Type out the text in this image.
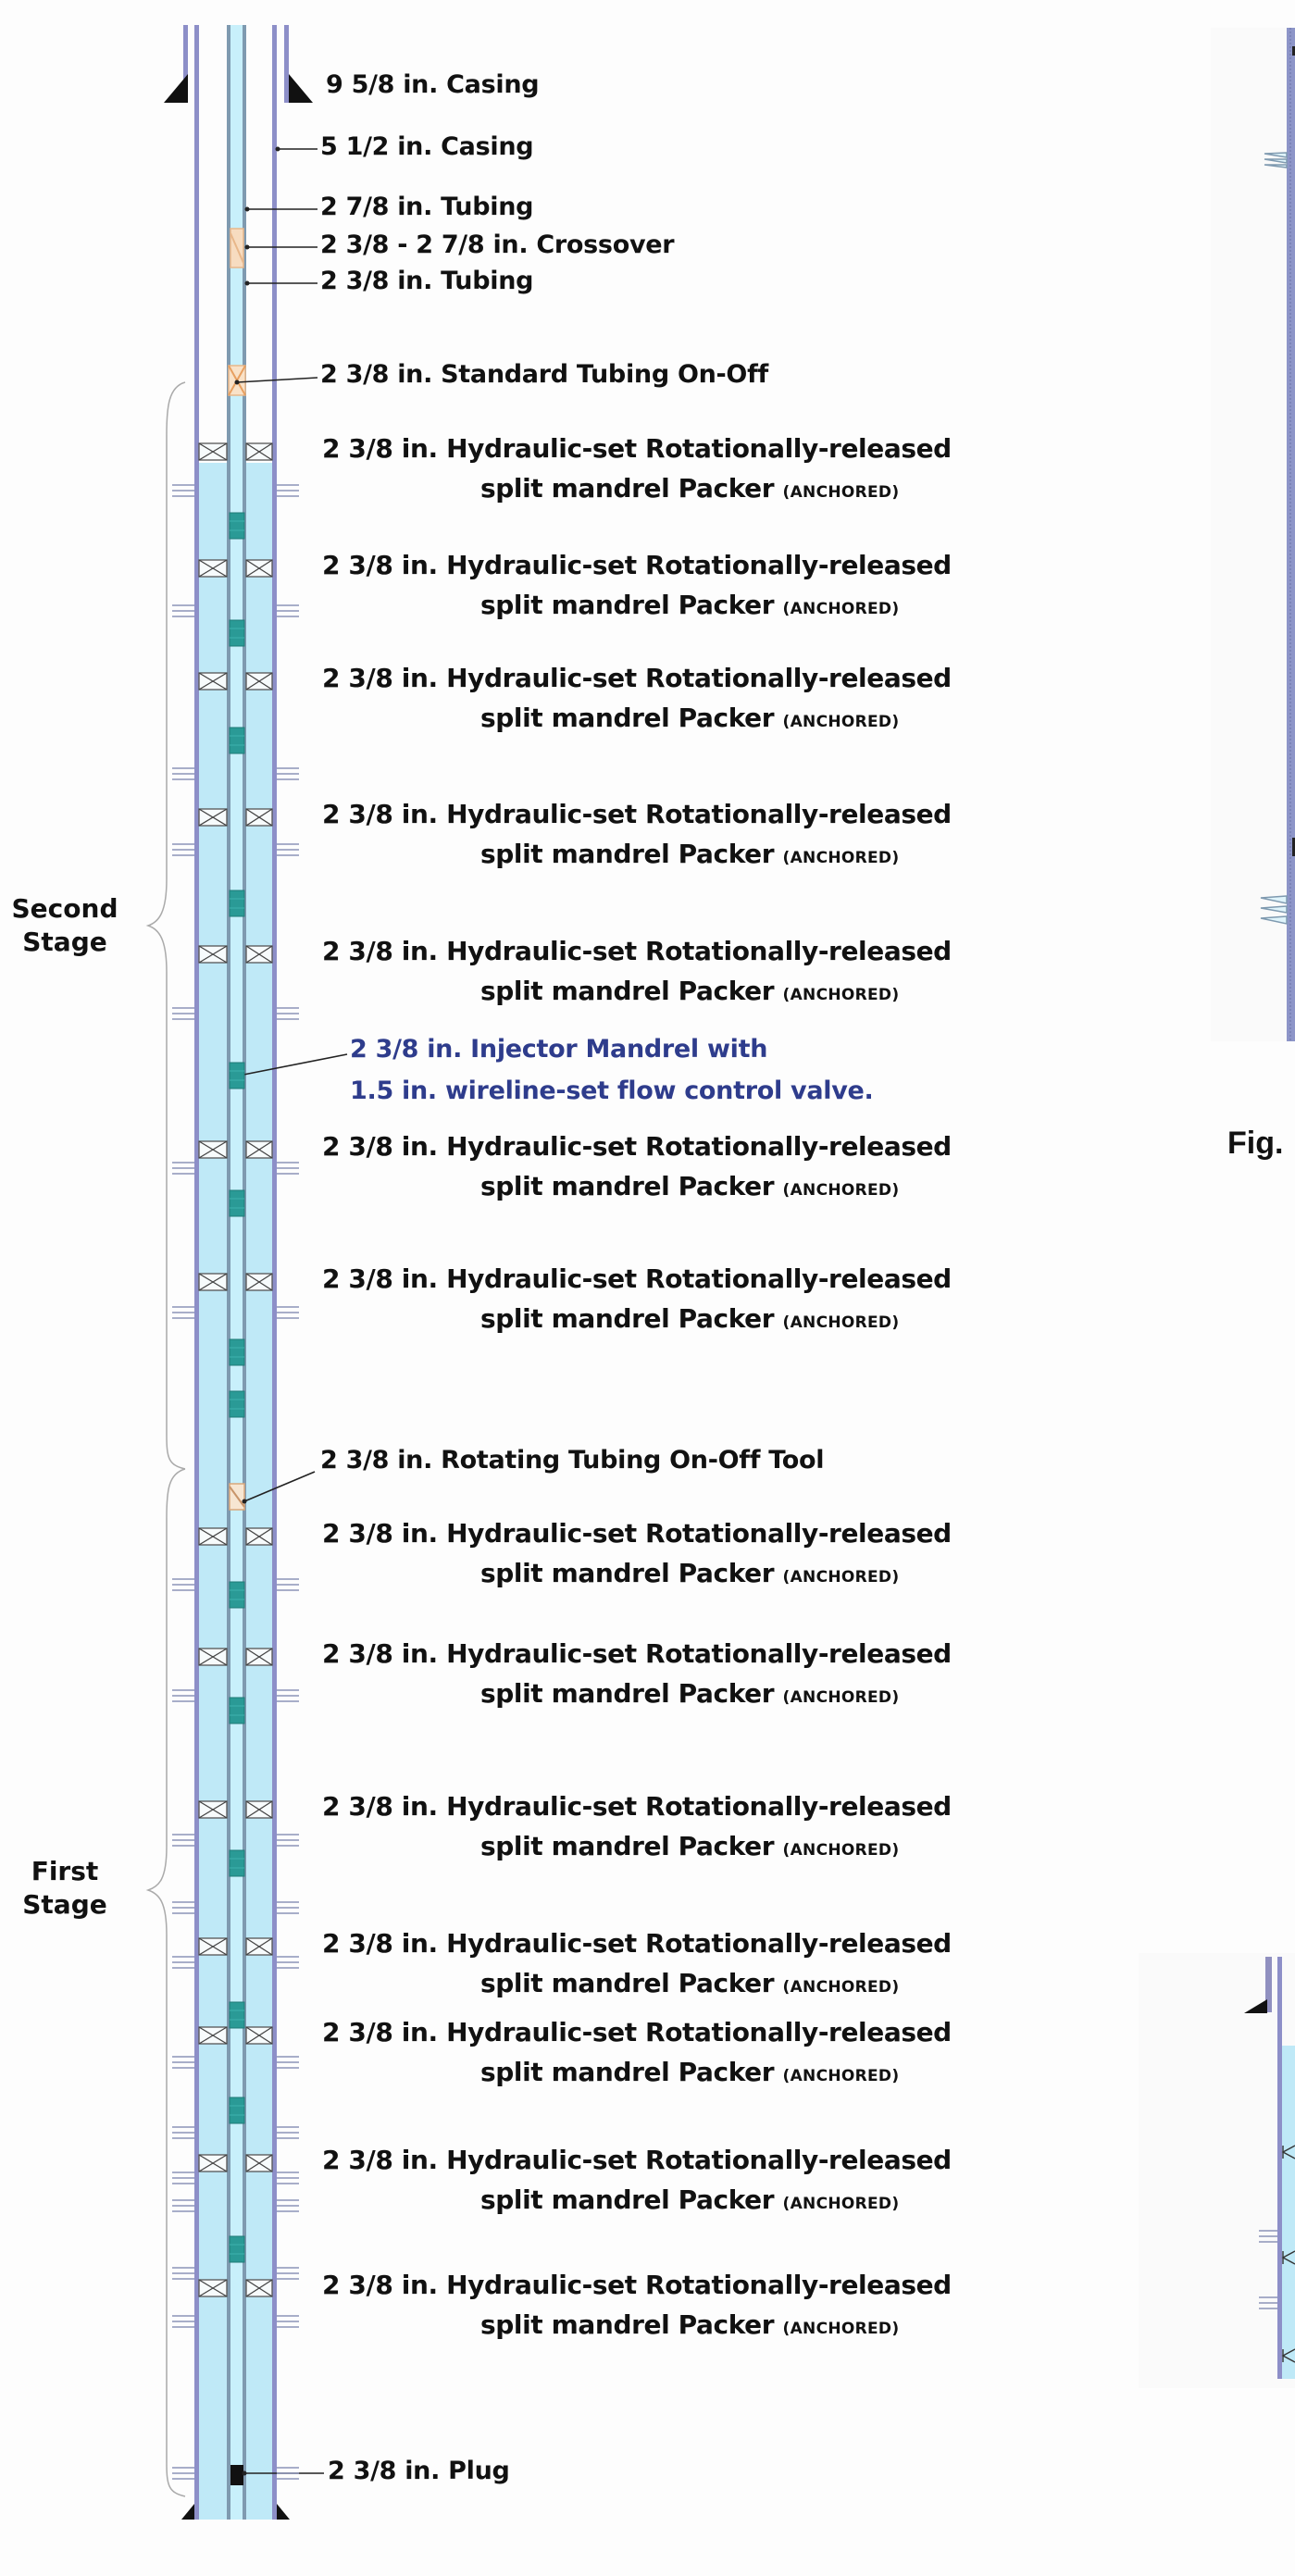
9 5/8 in. Casing
5 1/2 in. Casing
2 7/8 in. Tubing
2 3/8 - 2 7/8 in. Crossover
2 3/8 in. Tubing
2 3/8 in. Standard Tubing On-Off
2 3/8 in. Injector Mandrel with
1.5 in. wireline-set flow control valve.
2 3/8 in. Rotating Tubing On-Off Tool
2 3/8 in. Plug
Second
Stage
First
Stage
2 3/8 in. Hydraulic-set Rotationally-released
split mandrel Packer (ANCHORED)
2 3/8 in. Hydraulic-set Rotationally-released
split mandrel Packer (ANCHORED)
2 3/8 in. Hydraulic-set Rotationally-released
split mandrel Packer (ANCHORED)
2 3/8 in. Hydraulic-set Rotationally-released
split mandrel Packer (ANCHORED)
2 3/8 in. Hydraulic-set Rotationally-released
split mandrel Packer (ANCHORED)
2 3/8 in. Hydraulic-set Rotationally-released
split mandrel Packer (ANCHORED)
2 3/8 in. Hydraulic-set Rotationally-released
split mandrel Packer (ANCHORED)
2 3/8 in. Hydraulic-set Rotationally-released
split mandrel Packer (ANCHORED)
2 3/8 in. Hydraulic-set Rotationally-released
split mandrel Packer (ANCHORED)
2 3/8 in. Hydraulic-set Rotationally-released
split mandrel Packer (ANCHORED)
2 3/8 in. Hydraulic-set Rotationally-released
split mandrel Packer (ANCHORED)
2 3/8 in. Hydraulic-set Rotationally-released
split mandrel Packer (ANCHORED)
2 3/8 in. Hydraulic-set Rotationally-released
split mandrel Packer (ANCHORED)
2 3/8 in. Hydraulic-set Rotationally-released
split mandrel Packer (ANCHORED)
Fig.
